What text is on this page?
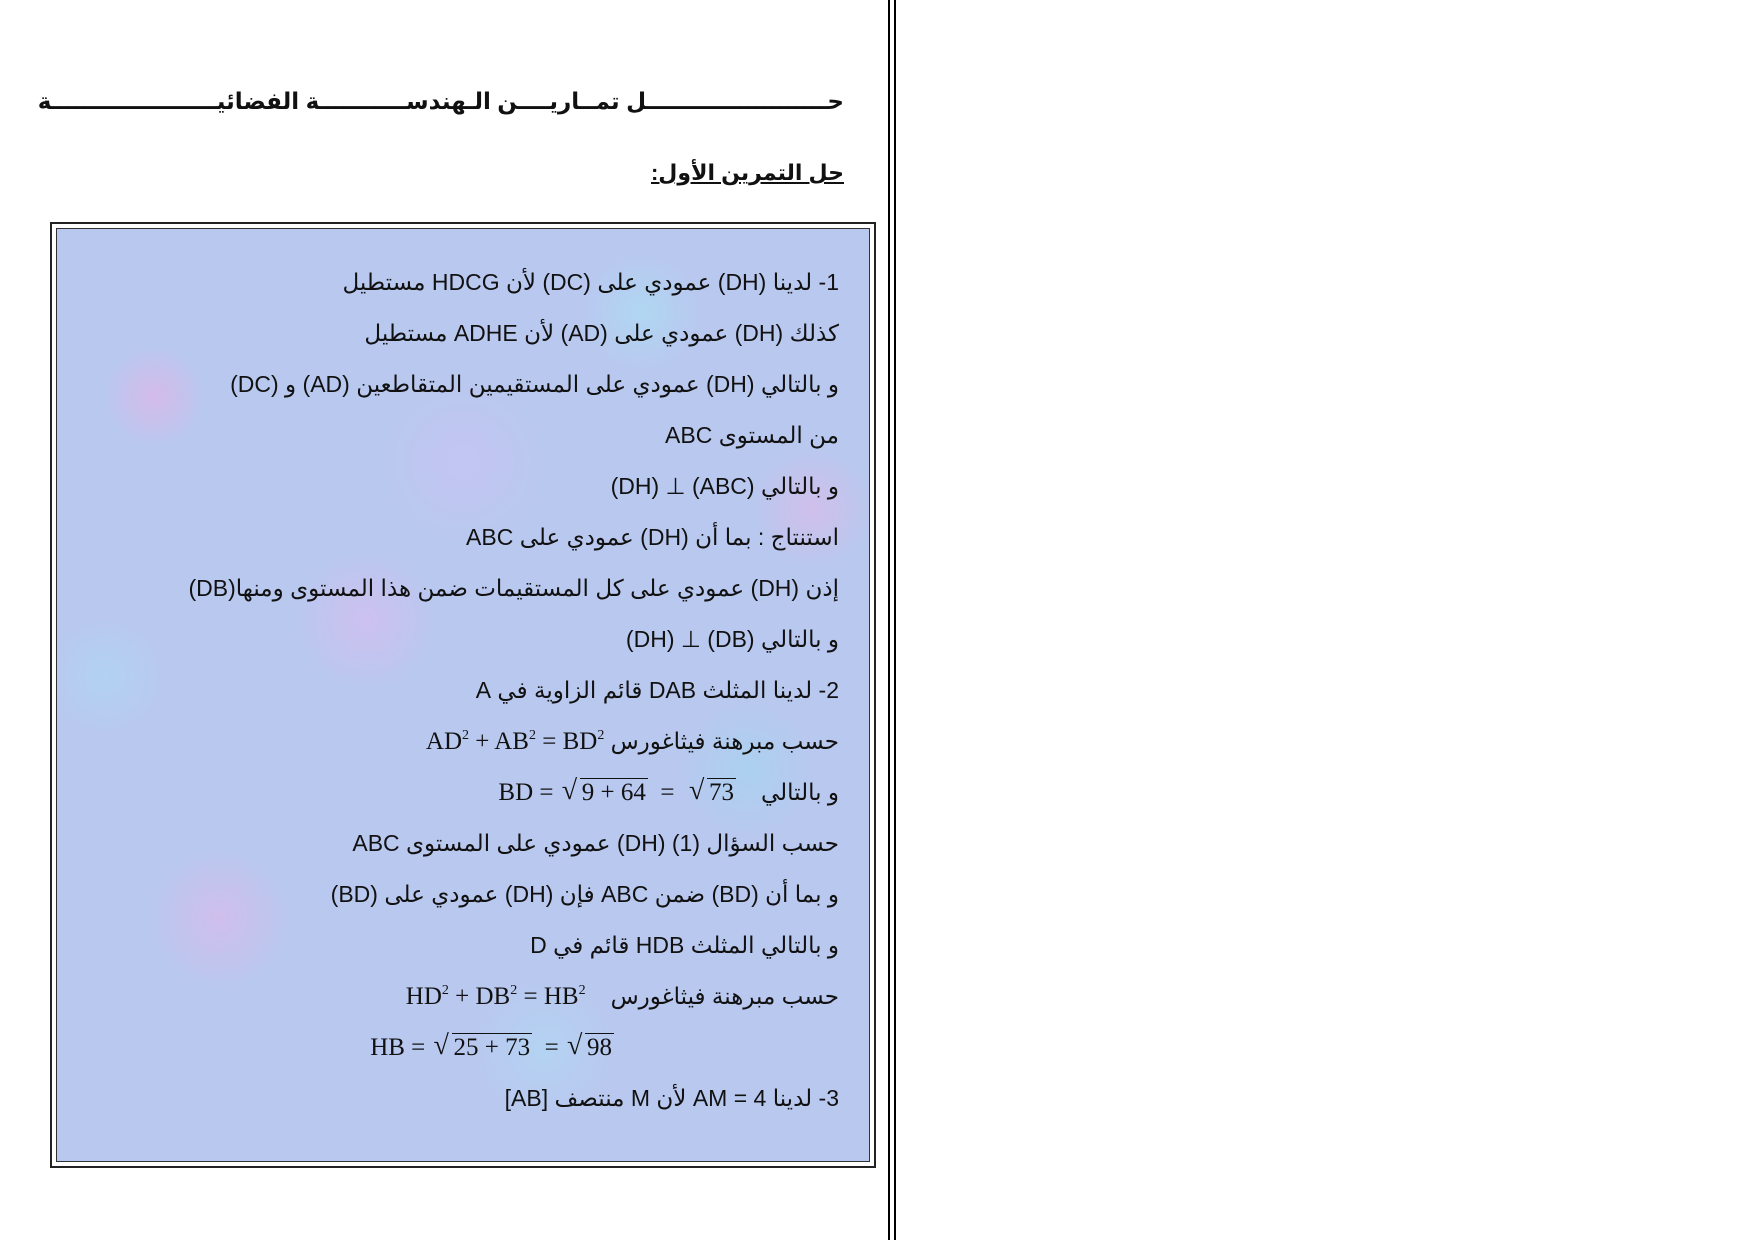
حـــــــــــــــــــــــل تمــاريــــن الـهندســـــــــــة الفضائيـــــــــــــــــــــة
حل التمرين الأول:
1- لدينا (DH) عمودي على (DC) لأن HDCG مستطيل
كذلك (DH) عمودي على (AD) لأن ADHE مستطيل
و بالتالي (DH) عمودي على المستقيمين المتقاطعين (AD) و (DC)
من المستوى ABC
و بالتالي (ABC) ⊥ (DH)
استنتاج : بما أن (DH) عمودي على ABC
إذن (DH) عمودي على كل المستقيمات ضمن هذا المستوى ومنها(DB)
و بالتالي (DB) ⊥ (DH)
2- لدينا المثلث DAB قائم الزاوية في A
حسب مبرهنة فيثاغورس $AD^2 + AB^2 = BD^2$
و بالتالي    BD = √ 9 + 64 = √ 73
حسب السؤال (1) (DH) عمودي على المستوى ABC
و بما أن (BD) ضمن ABC فإن (DH) عمودي على (BD)
و بالتالي المثلث HDB قائم في D
حسب مبرهنة فيثاغورس    $HD^2 + DB^2 = HB^2$
HB = √ 25 + 73 = √ 98
3- لدينا AM = 4 لأن M منتصف [AB]
